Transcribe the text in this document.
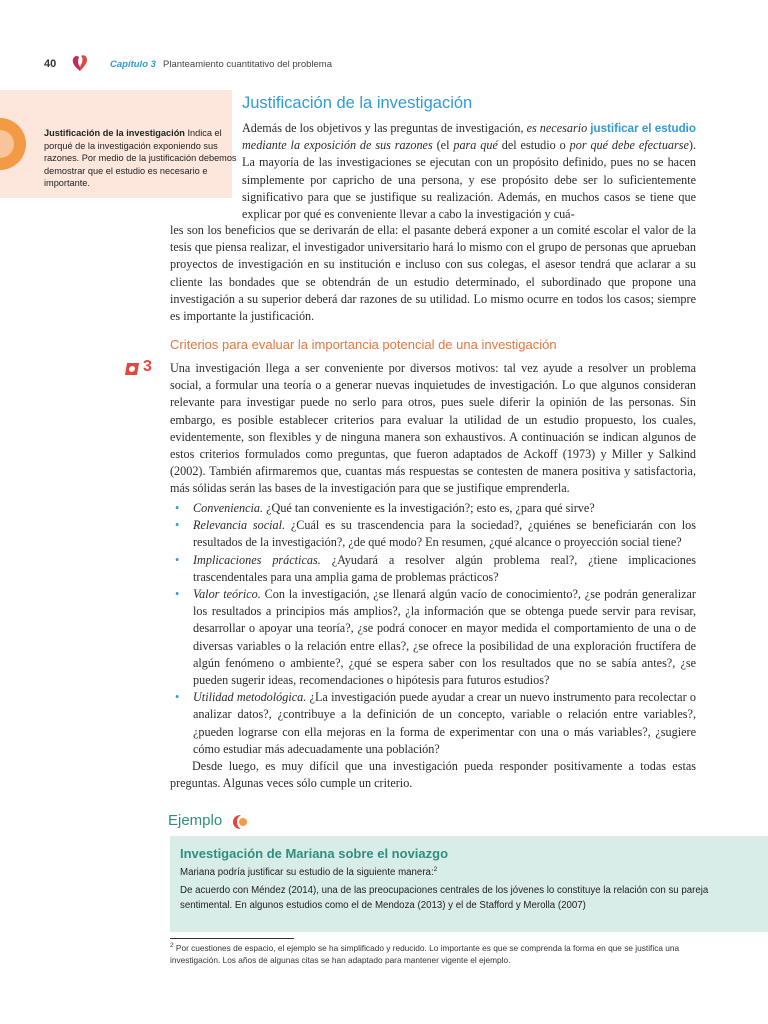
40	Capítulo 3 Planteamiento cuantitativo del problema
Justificación de la investigación Indica el porqué de la investigación exponiendo sus razones. Por medio de la justificación debemos demostrar que el estudio es necesario e importante.
Justificación de la investigación

Además de los objetivos y las preguntas de investigación, es necesario justificar el estudio mediante la exposición de sus razones (el para qué del estudio o por qué debe efectuarse). La mayoría de las investigaciones se ejecutan con un propósito definido, pues no se hacen simplemente por capricho de una persona, y ese propósito debe ser lo suficientemente significativo para que se justifique su realización. Además, en muchos casos se tiene que explicar por qué es conveniente llevar a cabo la investigación y cuá-

les son los beneficios que se derivarán de ella: el pasante deberá exponer a un comité escolar el valor de la tesis que piensa realizar, el investigador universitario hará lo mismo con el grupo de personas que aprueban proyectos de investigación en su institución e incluso con sus colegas, el asesor tendrá que aclarar a su cliente las bondades que se obtendrán de un estudio determinado, el subordinado que propone una investigación a su superior deberá dar razones de su utilidad. Lo mismo ocurre en todos los casos; siempre es importante la justificación.

Criterios para evaluar la importancia potencial de una investigación
3 Una investigación llega a ser conveniente por diversos motivos: tal vez ayude a resolver un problema social, a formular una teoría o a generar nuevas inquietudes de investigación. Lo que algunos consideran relevante para investigar puede no serlo para otros, pues suele diferir la opinión de las personas. Sin embargo, es posible establecer criterios para evaluar la utilidad de un estudio propuesto, los cuales, evidentemente, son flexibles y de ninguna manera son exhaustivos. A continuación se indican algunos de estos criterios formulados como preguntas, que fueron adaptados de Ackoff (1973) y Miller y Salkind (2002). También afirmaremos que, cuantas más respuestas se contesten de manera positiva y satisfactoria, más sólidas serán las bases de la investigación para que se justifique emprenderla.

• Conveniencia. ¿Qué tan conveniente es la investigación?; esto es, ¿para qué sirve?
• Relevancia social. ¿Cuál es su trascendencia para la sociedad?, ¿quiénes se beneficiarán con los resultados de la investigación?, ¿de qué modo? En resumen, ¿qué alcance o proyección social tiene?
• Implicaciones prácticas. ¿Ayudará a resolver algún problema real?, ¿tiene implicaciones trascendentales para una amplia gama de problemas prácticos?
• Valor teórico. Con la investigación, ¿se llenará algún vacío de conocimiento?, ¿se podrán generalizar los resultados a principios más amplios?, ¿la información que se obtenga puede servir para revisar, desarrollar o apoyar una teoría?, ¿se podrá conocer en mayor medida el comportamiento de una o de diversas variables o la relación entre ellas?, ¿se ofrece la posibilidad de una exploración fructífera de algún fenómeno o ambiente?, ¿qué se espera saber con los resultados que no se sabía antes?, ¿se pueden sugerir ideas, recomendaciones o hipótesis para futuros estudios?
• Utilidad metodológica. ¿La investigación puede ayudar a crear un nuevo instrumento para recolectar o analizar datos?, ¿contribuye a la definición de un concepto, variable o relación entre variables?, ¿pueden lograrse con ella mejoras en la forma de experimentar con una o más variables?, ¿sugiere cómo estudiar más adecuadamente una población?

Desde luego, es muy difícil que una investigación pueda responder positivamente a todas estas preguntas. Algunas veces sólo cumple un criterio.

Ejemplo
Investigación de Mariana sobre el noviazgo

Mariana podría justificar su estudio de la siguiente manera:$^2$

De acuerdo con Méndez (2014), una de las preocupaciones centrales de los jóvenes lo constituye la relación con su pareja sentimental. En algunos estudios como el de Mendoza (2013) y el de Stafford y Merolla (2007)

$^2$ Por cuestiones de espacio, el ejemplo se ha simplificado y reducido. Lo importante es que se comprenda la forma en que se justifica una investigación. Los años de algunas citas se han adaptado para mantener vigente el ejemplo.
